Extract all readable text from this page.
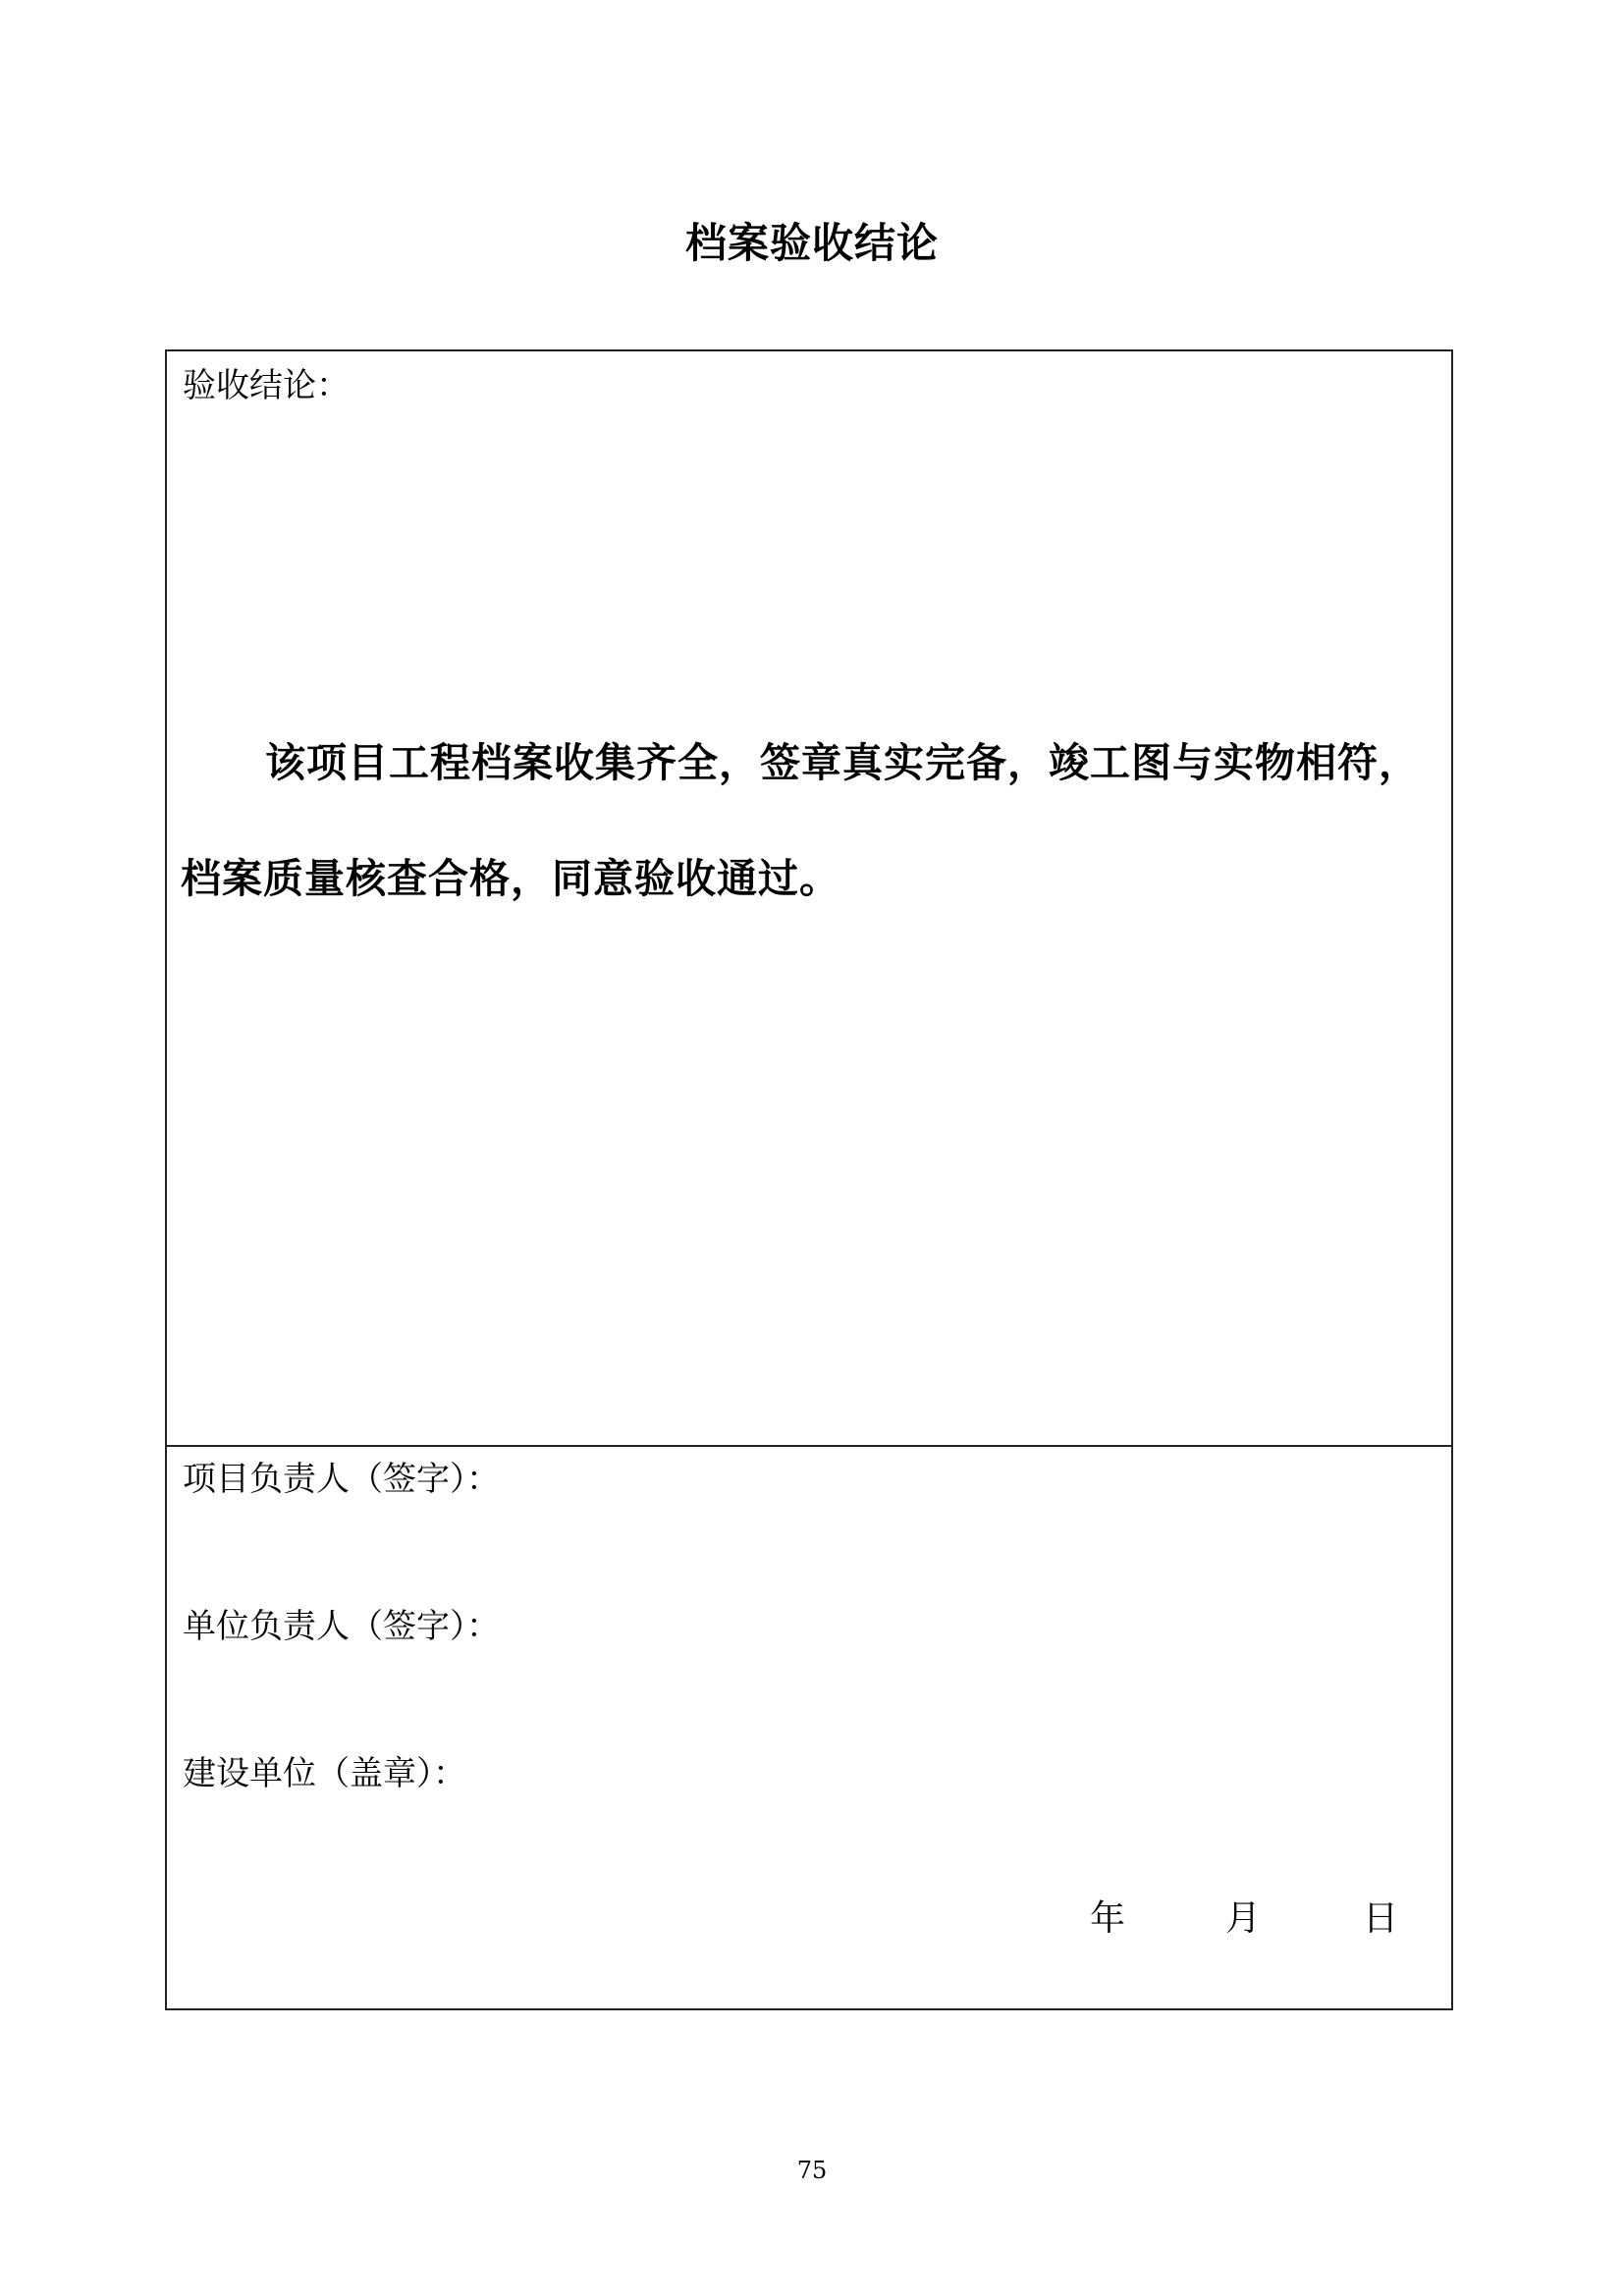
档案验收结论
验收结论：
该项目工程档案收集齐全，签章真实完备，竣工图与实物相符，档案质量核查合格，同意验收通过。
项目负责人（签字）：
单位负责人（签字）：
建设单位（盖章）：
年	月	日
75
